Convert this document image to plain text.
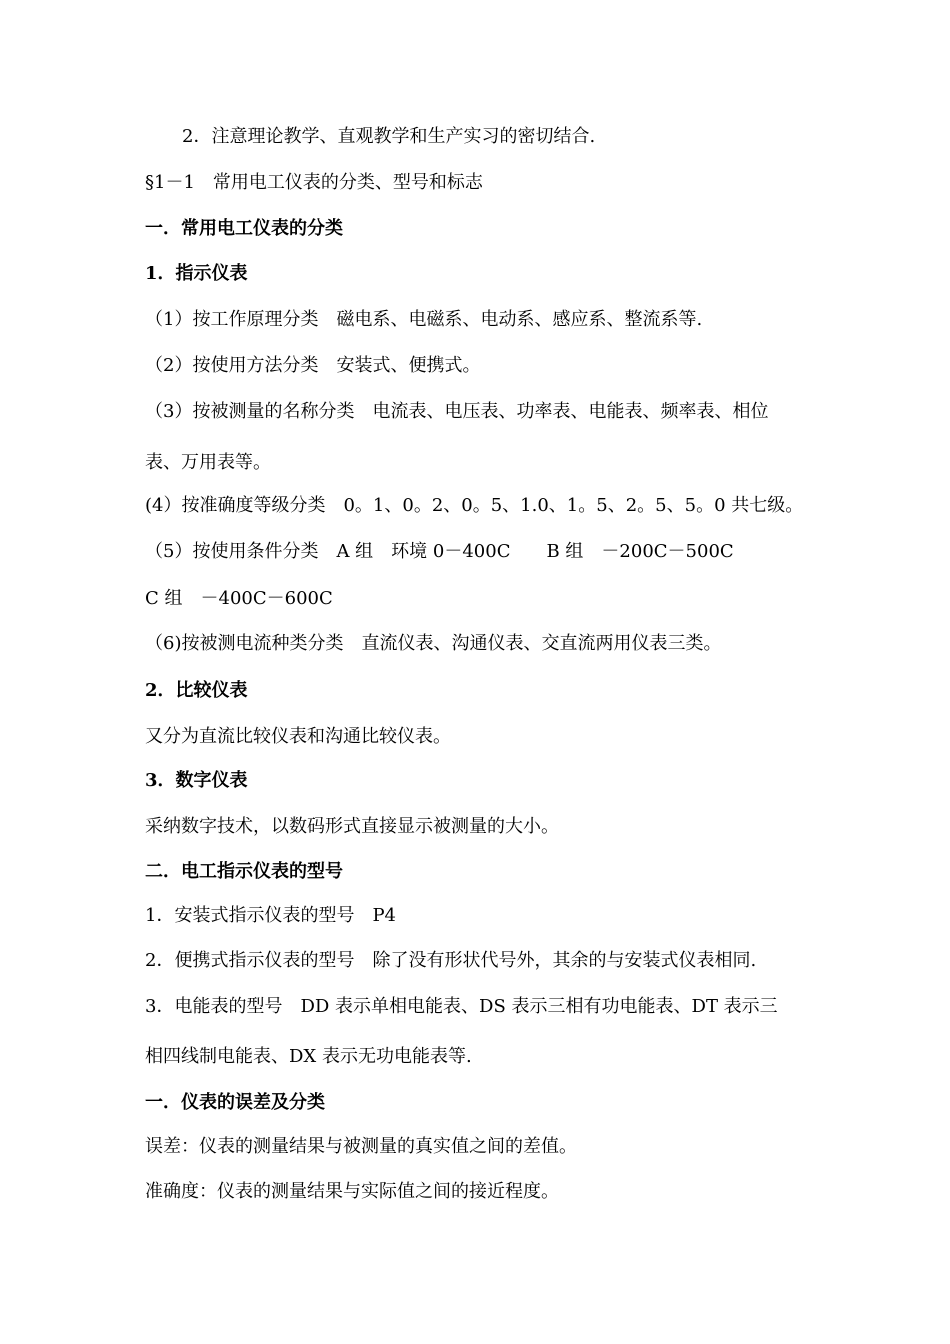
2．注意理论教学、直观教学和生产实习的密切结合.
§1－1　常用电工仪表的分类、型号和标志
一．常用电工仪表的分类
1．指示仪表
（1）按工作原理分类　磁电系、电磁系、电动系、感应系、整流系等.
（2）按使用方法分类　安装式、便携式。
（3）按被测量的名称分类　电流表、电压表、功率表、电能表、频率表、相位
表、万用表等。
(4）按准确度等级分类　0。1、0。2、0。5、1.0、1。5、2。5、5。0 共七级。
（5）按使用条件分类　A 组　环境 0－400C　　B 组　－200C－500C
C 组　－400C－600C
（6)按被测电流种类分类　直流仪表、沟通仪表、交直流两用仪表三类。
2．比较仪表
又分为直流比较仪表和沟通比较仪表。
3．数字仪表
采纳数字技术，以数码形式直接显示被测量的大小。
二．电工指示仪表的型号
1．安装式指示仪表的型号　P4
2．便携式指示仪表的型号　除了没有形状代号外，其余的与安装式仪表相同.
3．电能表的型号　DD 表示单相电能表、DS 表示三相有功电能表、DT 表示三
相四线制电能表、DX 表示无功电能表等.
一．仪表的误差及分类
误差：仪表的测量结果与被测量的真实值之间的差值。
准确度：仪表的测量结果与实际值之间的接近程度。
